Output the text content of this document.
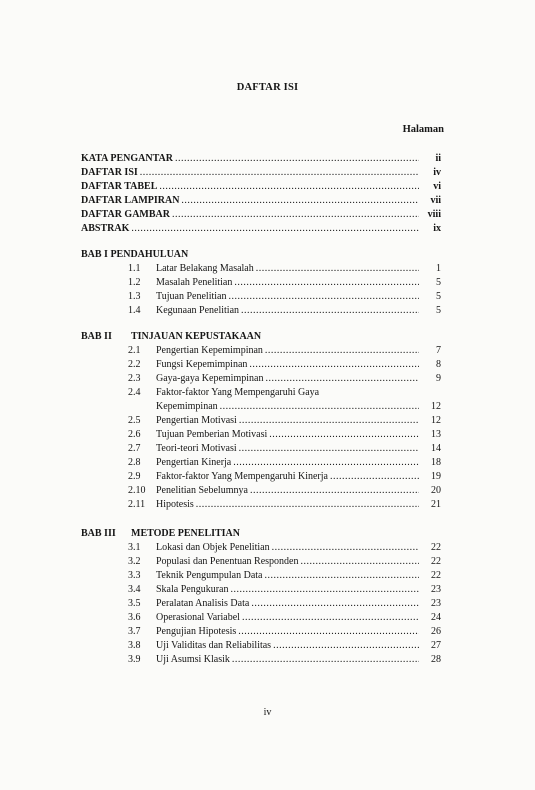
DAFTAR ISI
Halaman
KATA PENGANTAR .....	ii
DAFTAR ISI .....	iv
DAFTAR TABEL .....	vi
DAFTAR LAMPIRAN .....	vii
DAFTAR GAMBAR .....	viii
ABSTRAK .....	ix
BAB I PENDAHULUAN
1.1	Latar Belakang Masalah .....	1
1.2	Masalah Penelitian .....	5
1.3	Tujuan Penelitian .....	5
1.4	Kegunaan Penelitian .....	5
BAB II	TINJAUAN KEPUSTAKAAN
2.1	Pengertian Kepemimpinan .....	7
2.2	Fungsi Kepemimpinan .....	8
2.3	Gaya-gaya Kepemimpinan .....	9
2.4	Faktor-faktor Yang Mempengaruhi Gaya
Kepemimpinan .....	12
2.5	Pengertian Motivasi .....	12
2.6	Tujuan Pemberian Motivasi .....	13
2.7	Teori-teori Motivasi .....	14
2.8	Pengertian Kinerja .....	18
2.9	Faktor-faktor Yang Mempengaruhi Kinerja .....	19
2.10	Penelitian Sebelumnya .....	20
2.11	Hipotesis .....	21
BAB III	METODE PENELITIAN
3.1	Lokasi dan Objek Penelitian .....	22
3.2	Populasi dan Penentuan Responden .....	22
3.3	Teknik Pengumpulan Data .....	22
3.4	Skala Pengukuran .....	23
3.5	Peralatan Analisis Data .....	23
3.6	Operasional Variabel .....	24
3.7	Pengujian Hipotesis .....	26
3.8	Uji Validitas dan Reliabilitas .....	27
3.9	Uji Asumsi Klasik .....	28
iv
